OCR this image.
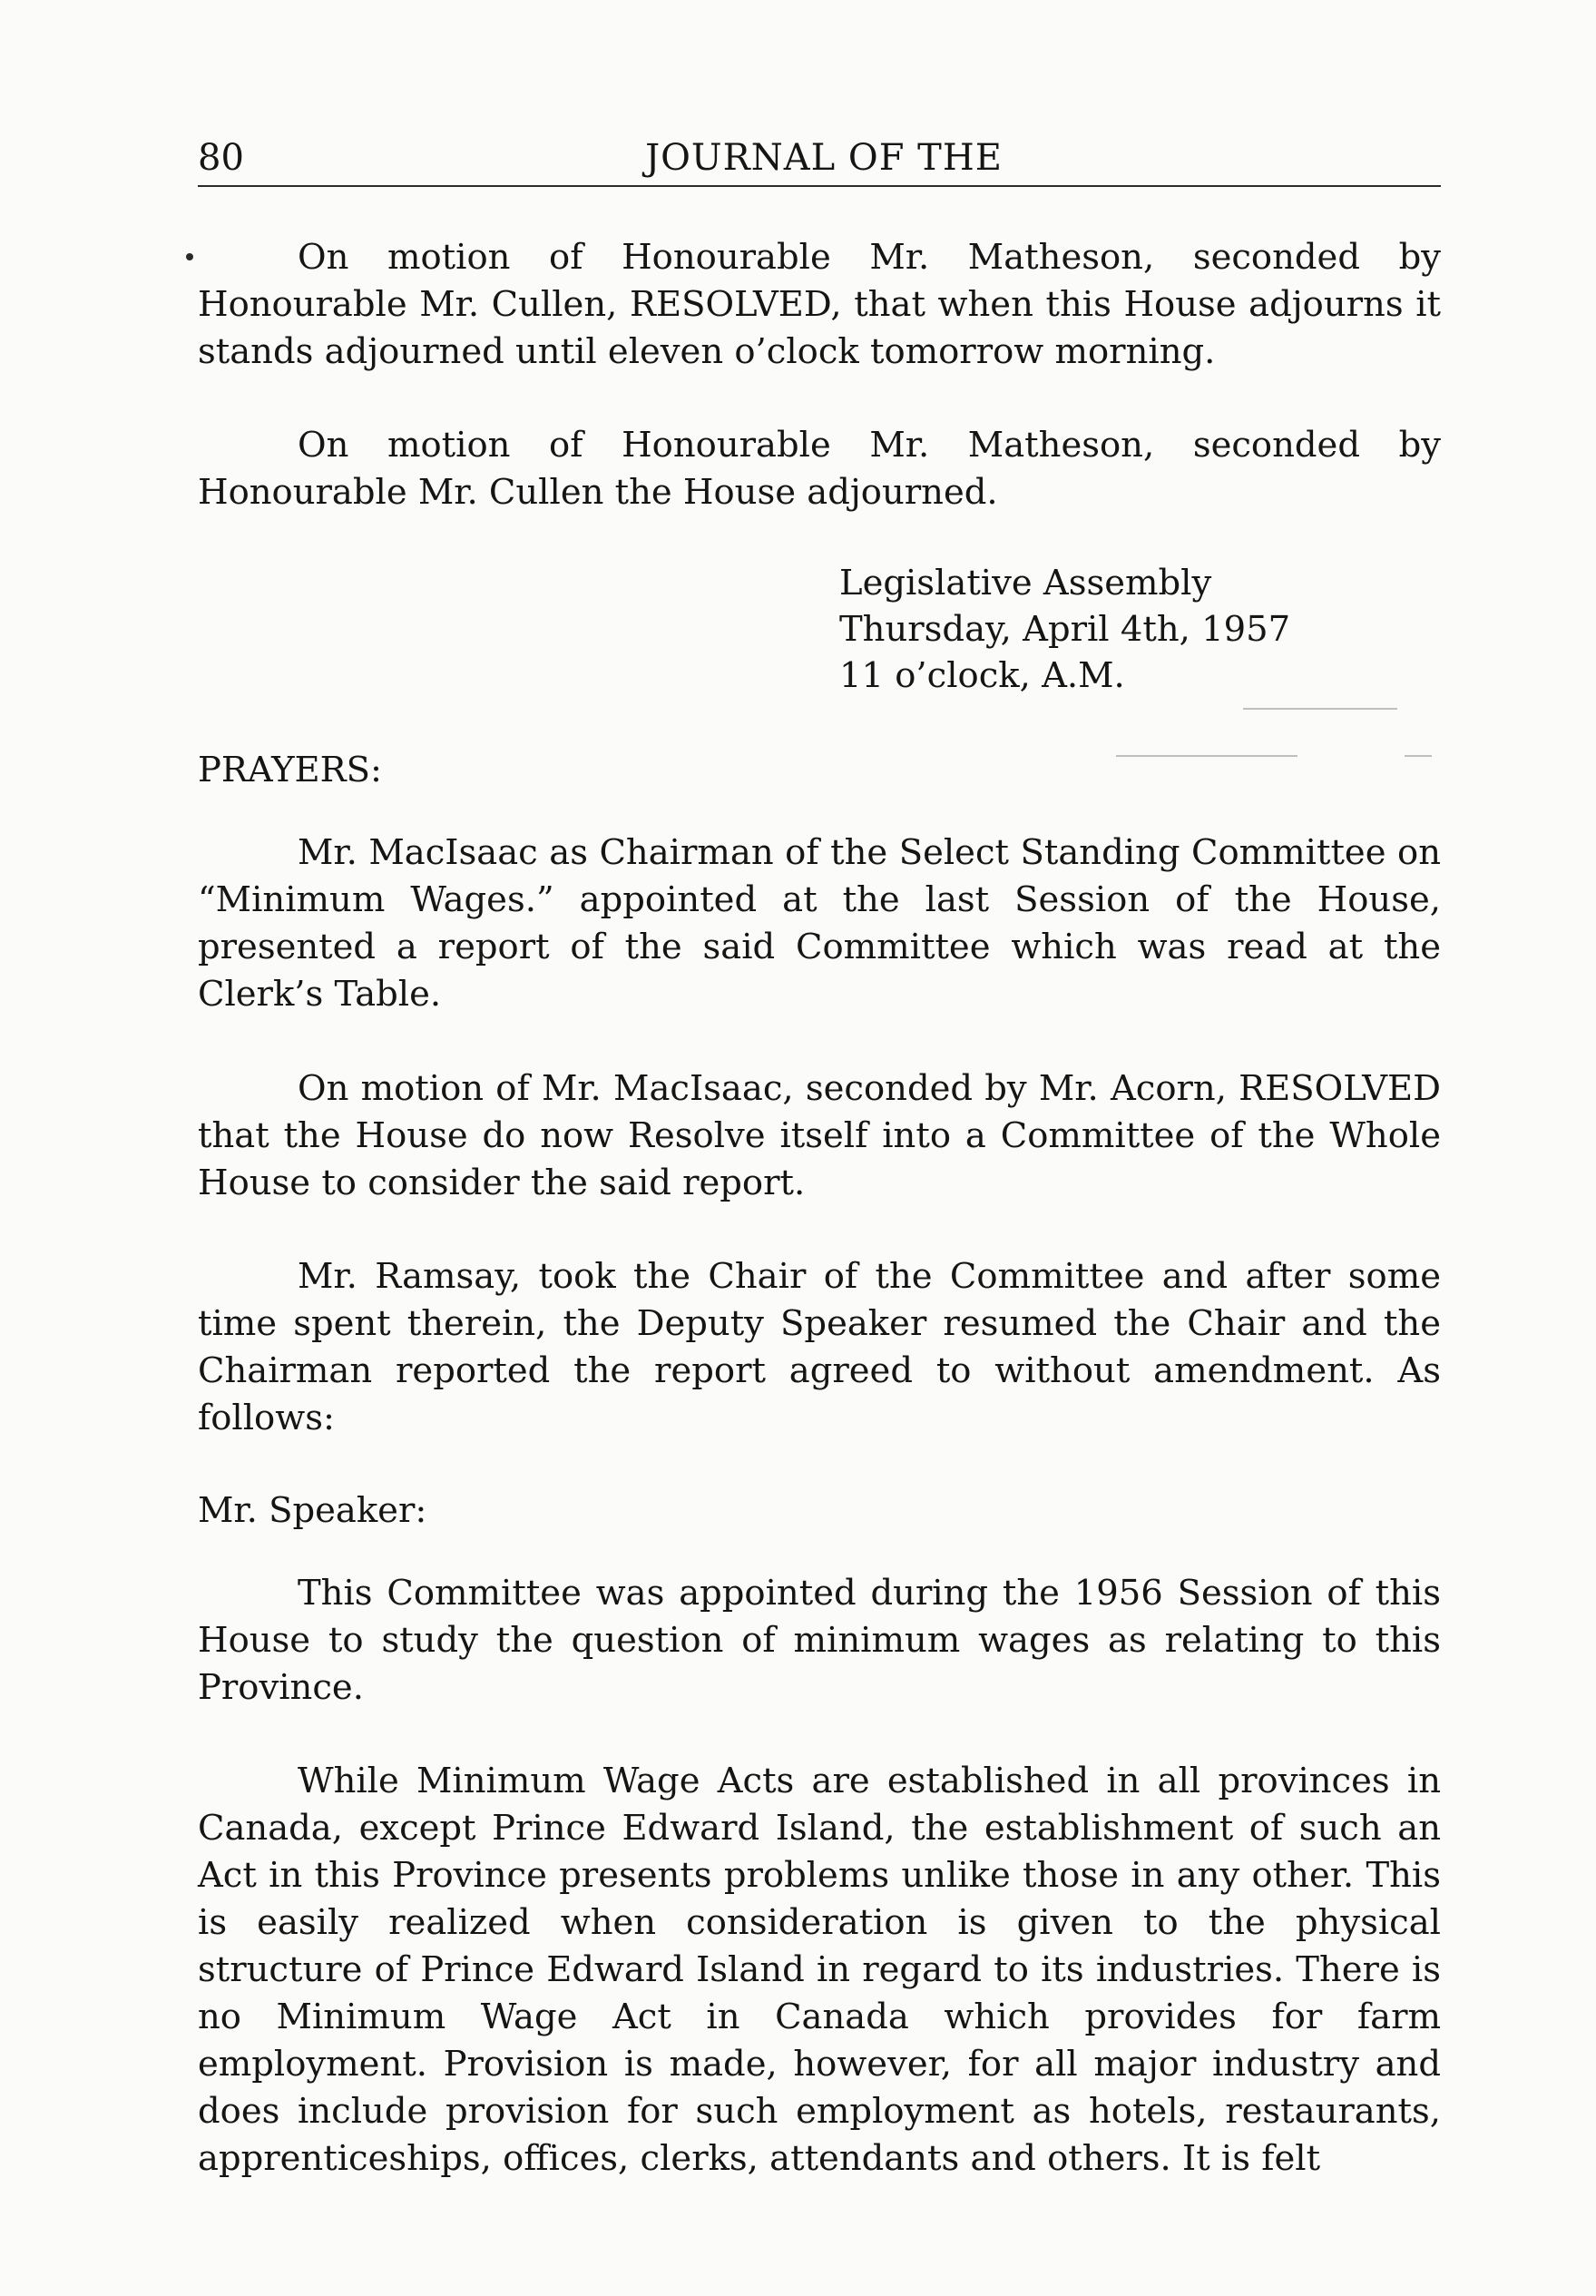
80	JOURNAL OF THE

On motion of Honourable Mr. Matheson, seconded by Honourable Mr. Cullen, RESOLVED, that when this House adjourns it stands adjourned until eleven o’clock tomorrow morning.

On motion of Honourable Mr. Matheson, seconded by Honourable Mr. Cullen the House adjourned.

Legislative Assembly
Thursday, April 4th, 1957
11 o’clock, A.M.
PRAYERS:

Mr. MacIsaac as Chairman of the Select Standing Committee on “Minimum Wages.” appointed at the last Session of the House, presented a report of the said Committee which was read at the Clerk’s Table.

On motion of Mr. MacIsaac, seconded by Mr. Acorn, RESOLVED that the House do now Resolve itself into a Committee of the Whole House to consider the said report.

Mr. Ramsay, took the Chair of the Committee and after some time spent therein, the Deputy Speaker resumed the Chair and the Chairman reported the report agreed to without amendment. As follows:

Mr. Speaker:

This Committee was appointed during the 1956 Session of this House to study the question of minimum wages as relating to this Province.

While Minimum Wage Acts are established in all provinces in Canada, except Prince Edward Island, the establishment of such an Act in this Province presents problems unlike those in any other. This is easily realized when consideration is given to the physical structure of Prince Edward Island in regard to its industries. There is no Minimum Wage Act in Canada which provides for farm employment. Provision is made, however, for all major industry and does include provision for such employment as hotels, restaurants, apprenticeships, offices, clerks, attendants and others. It is felt
